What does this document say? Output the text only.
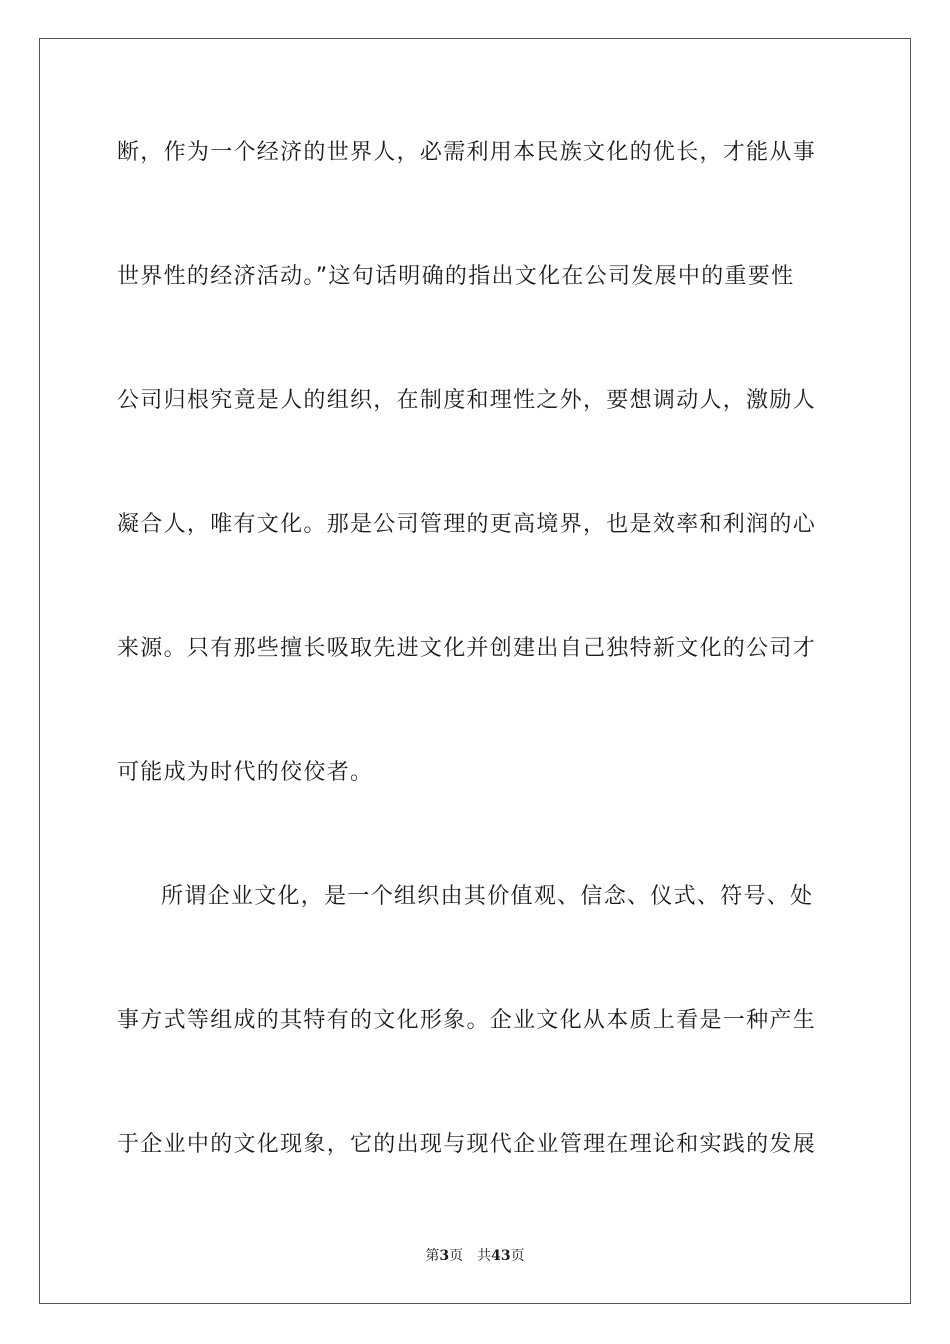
断，作为一个经济的世界人，必需利用本民族文化的优长，才能从事
世界性的经济活动。”这句话明确的指出文化在公司发展中的重要性
公司归根究竟是人的组织，在制度和理性之外，要想调动人，激励人
凝合人，唯有文化。那是公司管理的更高境界，也是效率和利润的心
来源。只有那些擅长吸取先进文化并创建出自己独特新文化的公司才
可能成为时代的佼佼者。
所谓企业文化，是一个组织由其价值观、信念、仪式、符号、处
事方式等组成的其特有的文化形象。企业文化从本质上看是一种产生
于企业中的文化现象，它的出现与现代企业管理在理论和实践的发展
第3页 共43页
